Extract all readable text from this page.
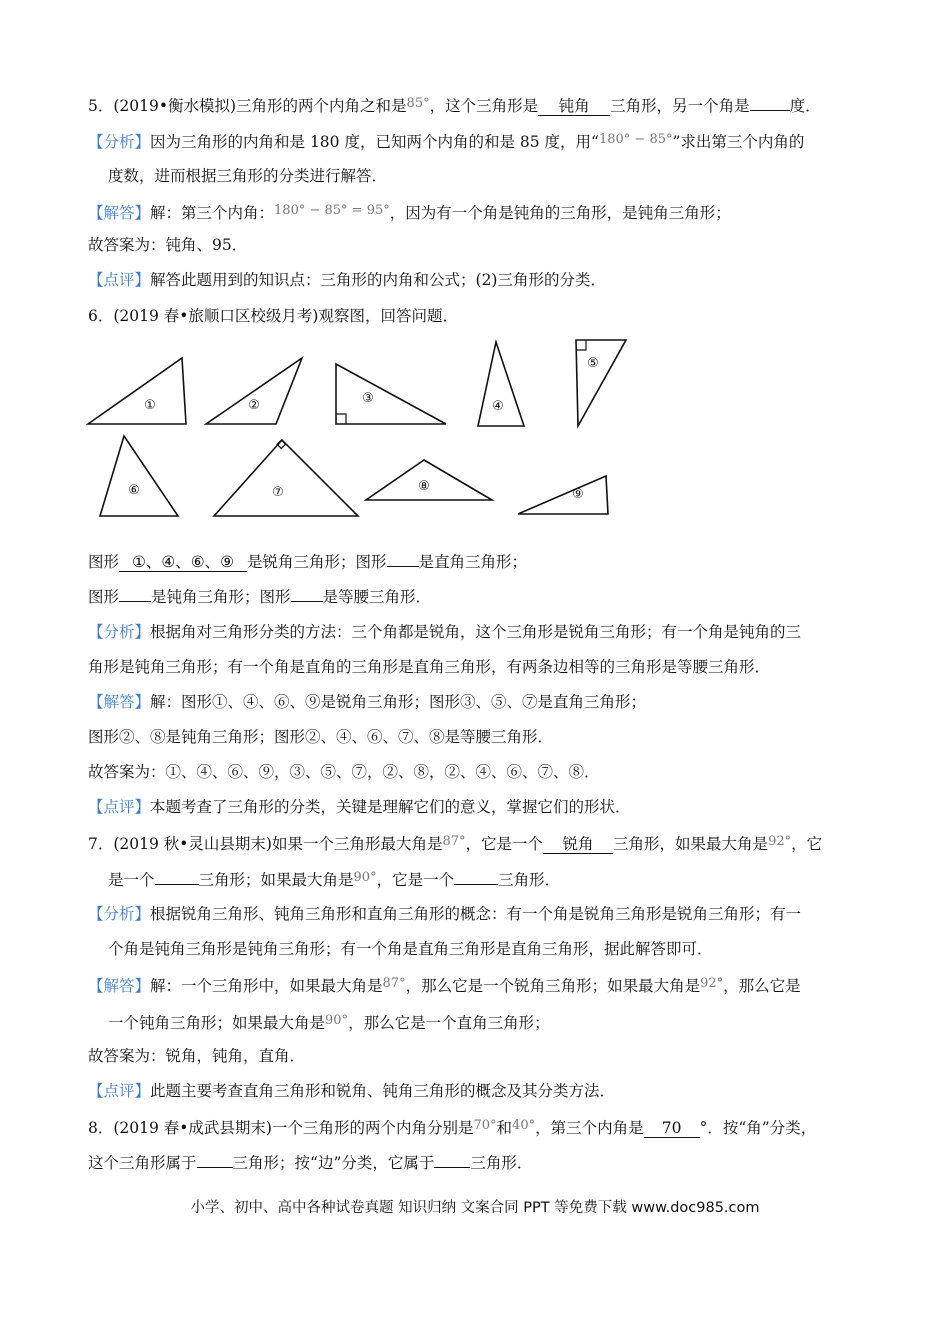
5．(2019•衡水模拟)三角形的两个内角之和是$^{85^\circ}$，这个三角形是 钝角 三角形，另一个角是	度．
【分析】因为三角形的内角和是 180 度，已知两个内角的和是 85 度，用“$^{180^\circ - 85^\circ}$”求出第三个内角的
度数，进而根据三角形的分类进行解答．
【解答】解：第三个内角：$^{180^\circ - 85^\circ = 95^\circ}$，因为有一个角是钝角的三角形，是钝角三角形；
故答案为：钝角、95．
【点评】解答此题用到的知识点：三角形的内角和公式；(2)三角形的分类．
6．(2019 春•旅顺口区校级月考)观察图，回答问题．
①	②	③
④
⑤
⑥	⑦	⑧
⑨
图形 ①、④、⑥、⑨ 是锐角三角形；图形 是直角三角形；
图形 是钝角三角形；图形 是等腰三角形．
【分析】根据角对三角形分类的方法：三个角都是锐角，这个三角形是锐角三角形；有一个角是钝角的三
角形是钝角三角形；有一个角是直角的三角形是直角三角形，有两条边相等的三角形是等腰三角形．
【解答】解：图形①、④、⑥、⑨是锐角三角形；图形③、⑤、⑦是直角三角形；
图形②、⑧是钝角三角形；图形②、④、⑥、⑦、⑧是等腰三角形．
故答案为：①、④、⑥、⑨，③、⑤、⑦，②、⑧，②、④、⑥、⑦、⑧．
【点评】本题考查了三角形的分类，关键是理解它们的意义，掌握它们的形状．
7．(2019 秋•灵山县期末)如果一个三角形最大角是$^{87^\circ}$，它是一个 锐角 三角形，如果最大角是$^{92^\circ}$，它
是一个	三角形；如果最大角是$^{90^\circ}$，它是一个	三角形．
【分析】根据锐角三角形、钝角三角形和直角三角形的概念：有一个角是锐角三角形是锐角三角形；有一
个角是钝角三角形是钝角三角形；有一个角是直角三角形是直角三角形，据此解答即可．
【解答】解：一个三角形中，如果最大角是$^{87^\circ}$，那么它是一个锐角三角形；如果最大角是$^{92^\circ}$，那么它是
一个钝角三角形；如果最大角是$^{90^\circ}$，那么它是一个直角三角形；
故答案为：锐角，钝角，直角．
【点评】此题主要考查直角三角形和锐角、钝角三角形的概念及其分类方法．
8．(2019 春•成武县期末)一个三角形的两个内角分别是$^{70^\circ}$和$^{40^\circ}$，第三个内角是 70 °．按“角”分类，
这个三角形属于 三角形；按“边”分类，它属于 三角形．
小学、初中、高中各种试卷真题 知识归纳 文案合同 PPT 等免费下载 www.doc985.com
